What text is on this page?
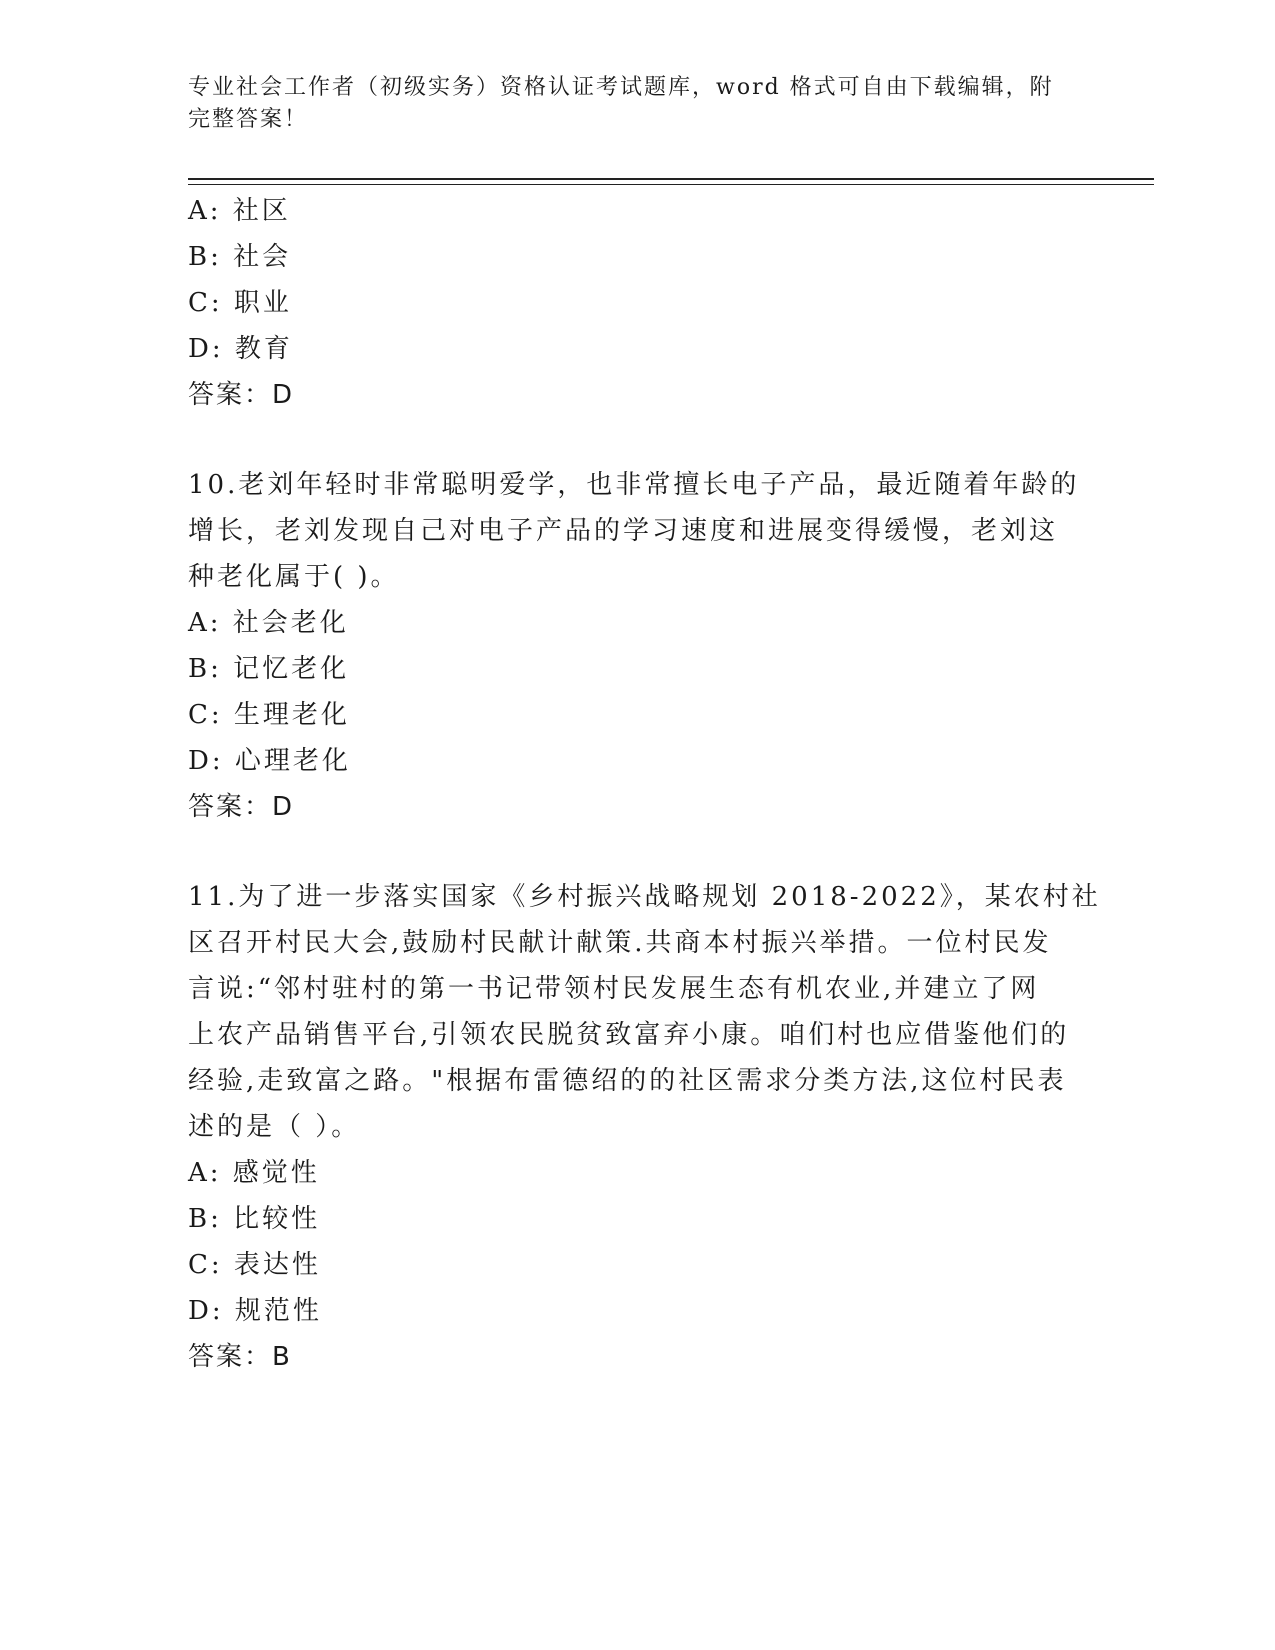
专业社会工作者（初级实务）资格认证考试题库，word 格式可自由下载编辑，附
完整答案！
A: 社区
B: 社会
C: 职业
D: 教育
答案：D
10.老刘年轻时非常聪明爱学，也非常擅长电子产品，最近随着年龄的
增长，老刘发现自己对电子产品的学习速度和进展变得缓慢，老刘这
种老化属于( )。
A: 社会老化
B: 记忆老化
C: 生理老化
D: 心理老化
答案：D
11.为了进一步落实国家《乡村振兴战略规划 2018-2022》，某农村社
区召开村民大会,鼓励村民献计献策.共商本村振兴举措。一位村民发
言说:“邻村驻村的第一书记带领村民发展生态有机农业,并建立了网
上农产品销售平台,引领农民脱贫致富弃小康。咱们村也应借鉴他们的
经验,走致富之路。"根据布雷德绍的的社区需求分类方法,这位村民表
述的是（ ）。
A: 感觉性
B: 比较性
C: 表达性
D: 规范性
答案：B
